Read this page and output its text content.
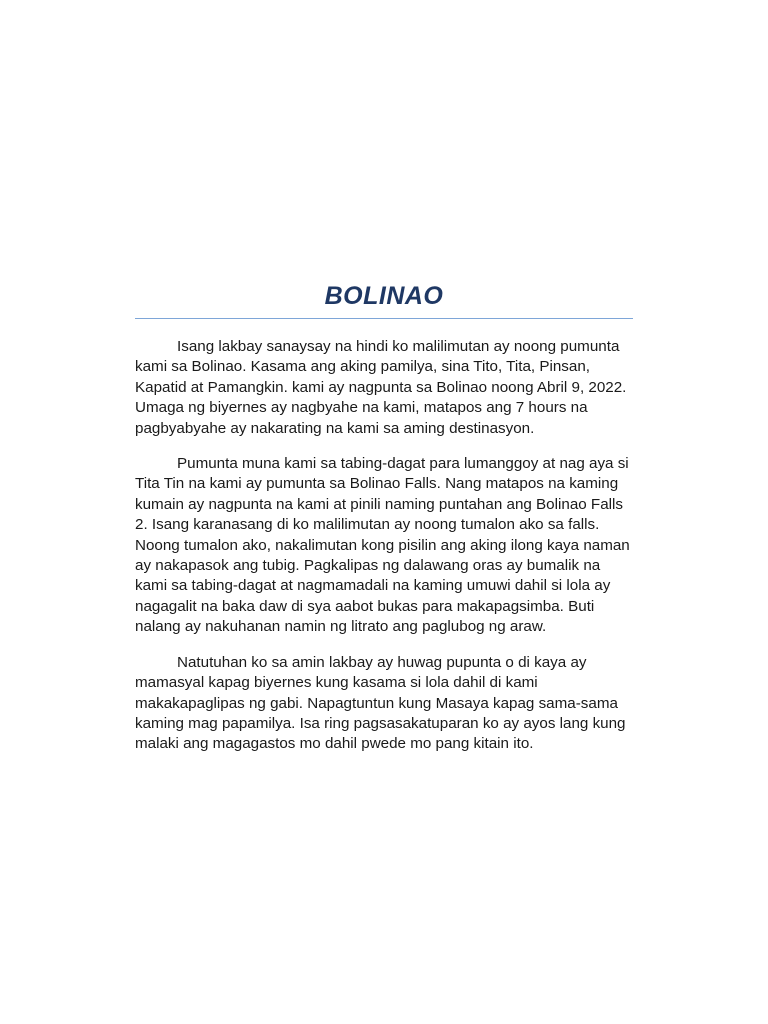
BOLINAO

Isang lakbay sanaysay na hindi ko malilimutan ay noong pumunta
kami sa Bolinao. Kasama ang aking pamilya, sina Tito, Tita, Pinsan,
Kapatid at Pamangkin. kami ay nagpunta sa Bolinao noong Abril 9, 2022.
Umaga ng biyernes ay nagbyahe na kami, matapos ang 7 hours na
pagbyabyahe ay nakarating na kami sa aming destinasyon.

Pumunta muna kami sa tabing-dagat para lumanggoy at nag aya si
Tita Tin na kami ay pumunta sa Bolinao Falls. Nang matapos na kaming
kumain ay nagpunta na kami at pinili naming puntahan ang Bolinao Falls
2. Isang karanasang di ko malilimutan ay noong tumalon ako sa falls.
Noong tumalon ako, nakalimutan kong pisilin ang aking ilong kaya naman
ay nakapasok ang tubig. Pagkalipas ng dalawang oras ay bumalik na
kami sa tabing-dagat at nagmamadali na kaming umuwi dahil si lola ay
nagagalit na baka daw di sya aabot bukas para makapagsimba. Buti
nalang ay nakuhanan namin ng litrato ang paglubog ng araw.

Natutuhan ko sa amin lakbay ay huwag pupunta o di kaya ay
mamasyal kapag biyernes kung kasama si lola dahil di kami
makakapaglipas ng gabi. Napagtuntun kung Masaya kapag sama-sama
kaming mag papamilya. Isa ring pagsasakatuparan ko ay ayos lang kung
malaki ang magagastos mo dahil pwede mo pang kitain ito.
